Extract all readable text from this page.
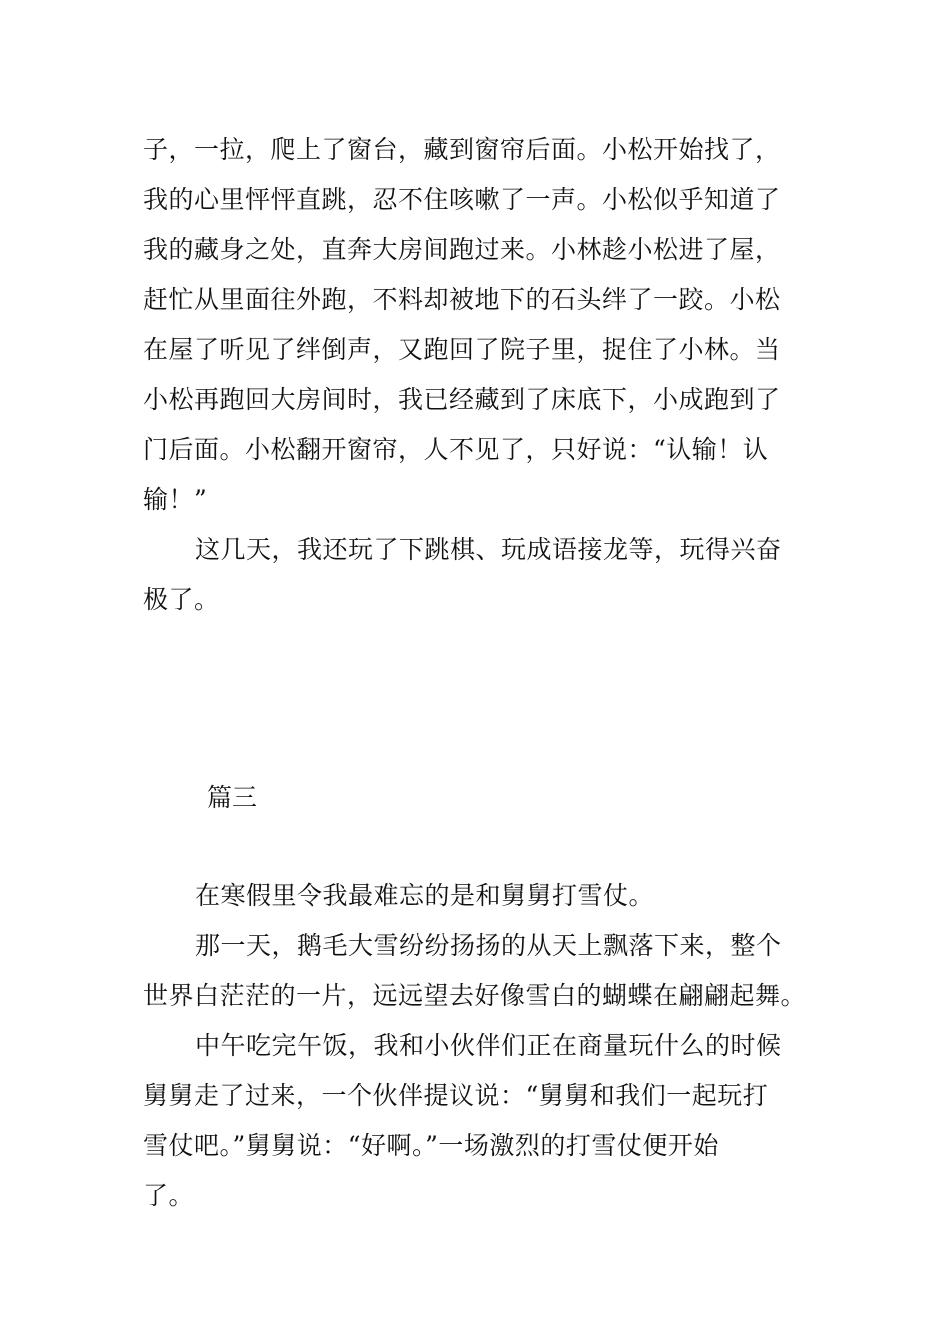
子，一拉，爬上了窗台，藏到窗帘后面。小松开始找了，
我的心里怦怦直跳，忍不住咳嗽了一声。小松似乎知道了
我的藏身之处，直奔大房间跑过来。小林趁小松进了屋，
赶忙从里面往外跑，不料却被地下的石头绊了一跤。小松
在屋了听见了绊倒声，又跑回了院子里，捉住了小林。当
小松再跑回大房间时，我已经藏到了床底下，小成跑到了
门后面。小松翻开窗帘，人不见了，只好说：“认输！认
输！”
这几天，我还玩了下跳棋、玩成语接龙等，玩得兴奋
极了。
篇三
在寒假里令我最难忘的是和舅舅打雪仗。
那一天，鹅毛大雪纷纷扬扬的从天上飘落下来，整个
世界白茫茫的一片，远远望去好像雪白的蝴蝶在翩翩起舞。
中午吃完午饭，我和小伙伴们正在商量玩什么的时候
舅舅走了过来，一个伙伴提议说：“舅舅和我们一起玩打
雪仗吧。”舅舅说：“好啊。”一场激烈的打雪仗便开始
了。
